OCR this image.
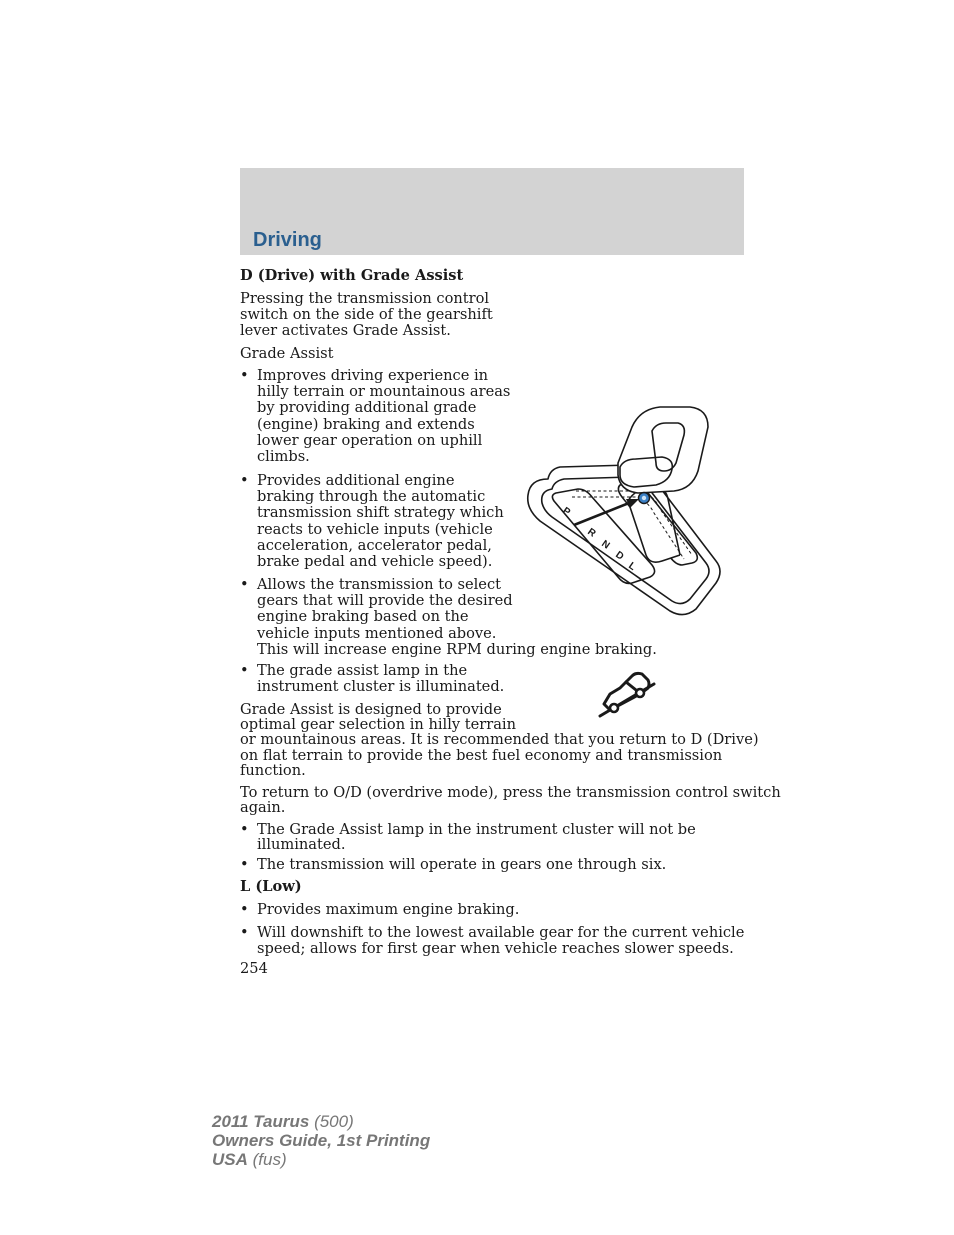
Driving

D (Drive) with Grade Assist

Pressing the transmission control
switch on the side of the gearshift
lever activates Grade Assist.

Grade Assist

• Improves driving experience in
hilly terrain or mountainous areas
by providing additional grade
(engine) braking and extends
lower gear operation on uphill
climbs.

• Provides additional engine
braking through the automatic
transmission shift strategy which
reacts to vehicle inputs (vehicle
acceleration, accelerator pedal,
brake pedal and vehicle speed).

• Allows the transmission to select
gears that will provide the desired
engine braking based on the
vehicle inputs mentioned above.
This will increase engine RPM during engine braking.

• The grade assist lamp in the
instrument cluster is illuminated.

Grade Assist is designed to provide
optimal gear selection in hilly terrain
or mountainous areas. It is recommended that you return to D (Drive)
on flat terrain to provide the best fuel economy and transmission
function.

To return to O/D (overdrive mode), press the transmission control switch
again.

• The Grade Assist lamp in the instrument cluster will not be
illuminated.

• The transmission will operate in gears one through six.

L (Low)

• Provides maximum engine braking.

• Will downshift to the lowest available gear for the current vehicle
speed; allows for first gear when vehicle reaches slower speeds.

254

P
R
N
D
L
2011 Taurus (500)
Owners Guide, 1st Printing
USA (fus)
